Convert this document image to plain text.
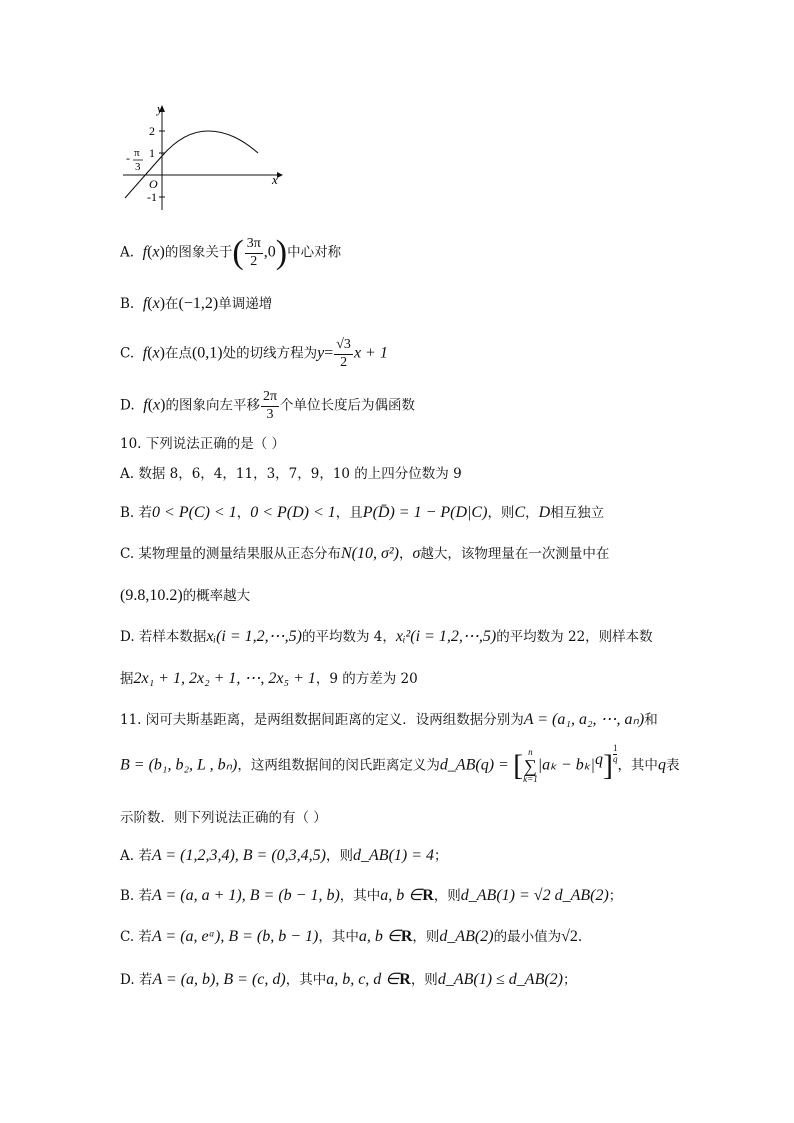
y
x
2
1
O
-1
- π
3
A. f(x)的图象关于( $\frac{3\pi}{2} ,0$)中心对称
B. f(x)在(−1,2)单调递增
C. f(x)在点(0,1)处的切线方程为$y= \frac{√3}{2}$ x + 1
D. f(x)的图象向左平移 $\frac{2\pi}{3}$ 个单位长度后为偶函数
10. 下列说法正确的是（ ）
A. 数据 8，6，4，11，3，7，9，10 的上四分位数为 9
B. 若0 < P(C) < 1，0 < P(D) < 1，且P(D̄) = 1 − P(D|C)，则C，D相互独立
C. 某物理量的测量结果服从正态分布N(10, σ²)，σ越大，该物理量在一次测量中在
(9.8,10.2)的概率越大
D. 若样本数据xᵢ(i = 1,2,⋯,5)的平均数为 4，xᵢ²(i = 1,2,⋯,5)的平均数为 22，则样本数
据2x₁ + 1, 2x₂ + 1, ⋯, 2x₅ + 1，9 的方差为 20
11. 闵可夫斯基距离，是两组数据间距离的定义．设两组数据分别为A = (a₁, a₂, ⋯, aₙ)和
B = (b₁, b₂, L , bₙ)，这两组数据间的闵氏距离定义为d_AB(q) = [ n
∑
k=1
$|a_k - b_k|^q] \frac{1}{q}$
，其中q表
示阶数．则下列说法正确的有（ ）
A. 若A = (1,2,3,4), B = (0,3,4,5)，则d_AB(1) = 4；
B. 若A = (a, a + 1), B = (b − 1, b)，其中a, b ∈R，则d_AB(1) = √2 d_AB(2)；
C. 若A = (a, eᵃ), B = (b, b − 1)，其中a, b ∈R，则d_AB(2)的最小值为√2.
D. 若A = (a, b), B = (c, d)，其中a, b, c, d ∈R，则d_AB(1) ≤ d_AB(2)；
